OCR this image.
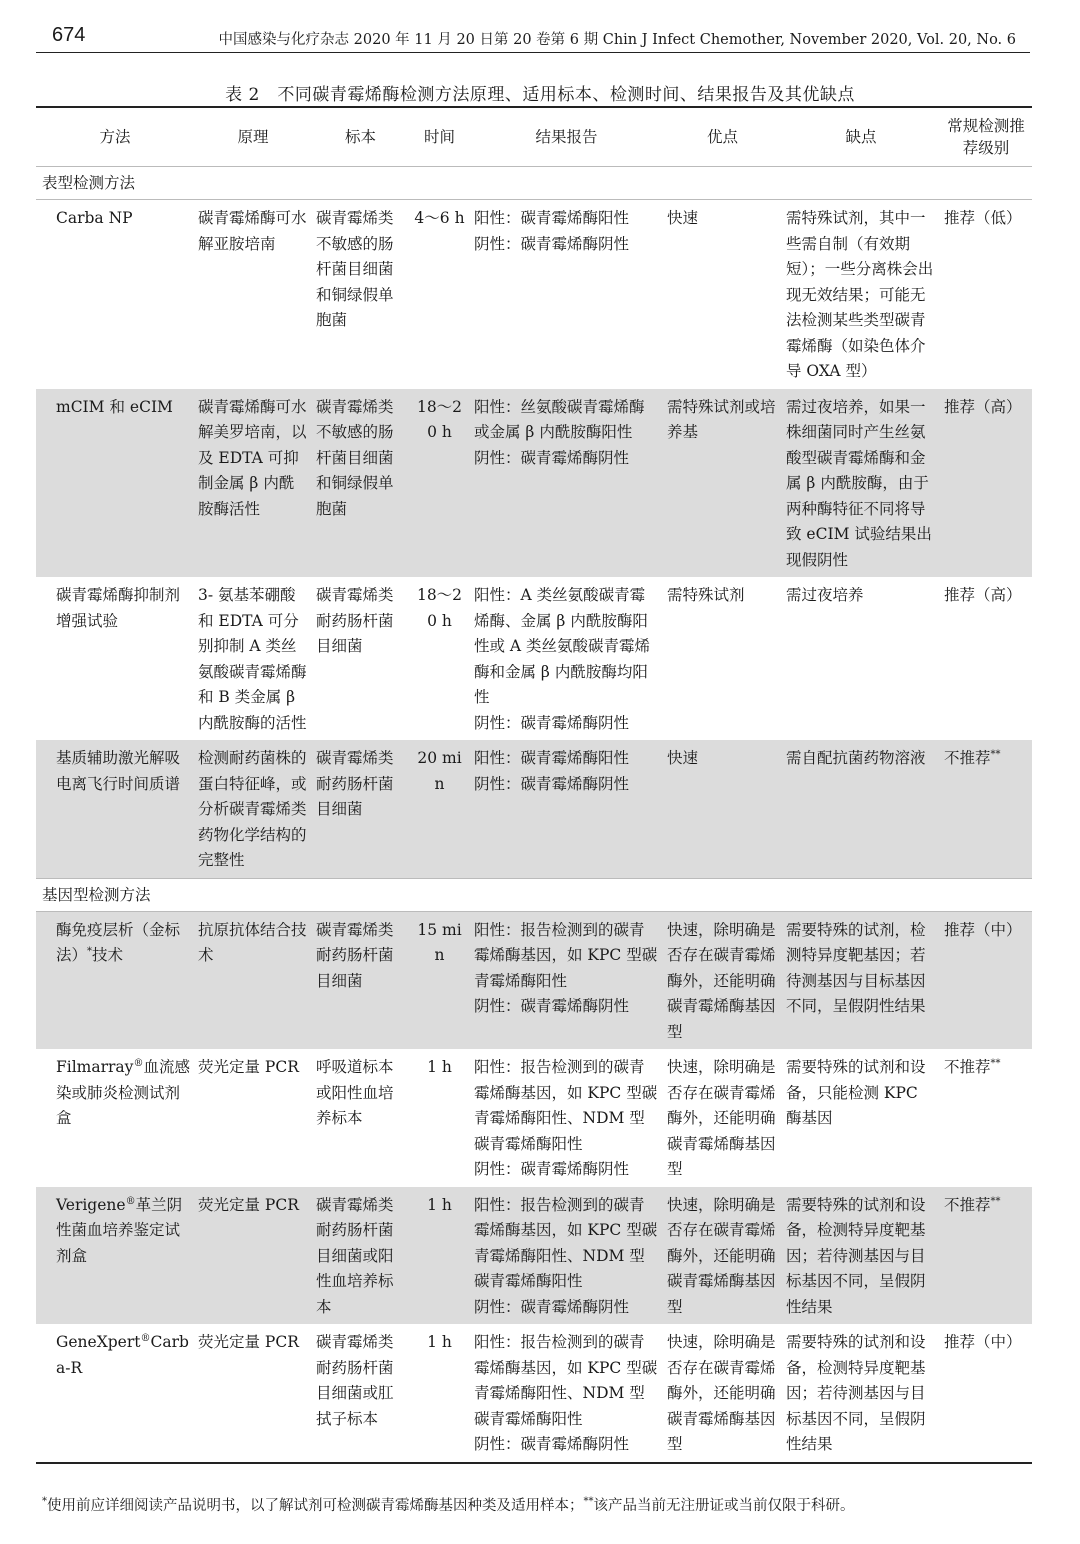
674	中国感染与化疗杂志 2020 年 11 月 20 日第 20 卷第 6 期 Chin J Infect Chemother, November 2020, Vol. 20, No. 6
表 2　不同碳青霉烯酶检测方法原理、适用标本、检测时间、结果报告及其优缺点
方法	原理	标本	时间	结果报告	优点	缺点	常规检测推荐级别
表型检测方法							
Carba NP	碳青霉烯酶可水解亚胺培南	碳青霉烯类不敏感的肠杆菌目细菌和铜绿假单胞菌	4～6 h	阳性：碳青霉烯酶阳性
阴性：碳青霉烯酶阴性	快速	需特殊试剂，其中一些需自制（有效期短）；一些分离株会出现无效结果；可能无法检测某些类型碳青霉烯酶（如染色体介导 OXA 型）	推荐（低）
mCIM 和 eCIM	碳青霉烯酶可水解美罗培南，以及 EDTA 可抑制金属 β 内酰胺酶活性	碳青霉烯类不敏感的肠杆菌目细菌和铜绿假单胞菌	18～20 h	阳性：丝氨酸碳青霉烯酶或金属 β 内酰胺酶阳性
阴性：碳青霉烯酶阴性	需特殊试剂或培养基	需过夜培养，如果一株细菌同时产生丝氨酸型碳青霉烯酶和金属 β 内酰胺酶，由于两种酶特征不同将导致 eCIM 试验结果出现假阴性	推荐（高）
碳青霉烯酶抑制剂增强试验	3- 氨基苯硼酸和 EDTA 可分别抑制 A 类丝氨酸碳青霉烯酶和 B 类金属 β 内酰胺酶的活性	碳青霉烯类耐药肠杆菌目细菌	18～20 h	阳性：A 类丝氨酸碳青霉烯酶、金属 β 内酰胺酶阳性或 A 类丝氨酸碳青霉烯酶和金属 β 内酰胺酶均阳性
阴性：碳青霉烯酶阴性	需特殊试剂	需过夜培养	推荐（高）
基质辅助激光解吸电离飞行时间质谱	检测耐药菌株的蛋白特征峰，或分析碳青霉烯类药物化学结构的完整性	碳青霉烯类耐药肠杆菌目细菌	20 min	阳性：碳青霉烯酶阳性
阴性：碳青霉烯酶阴性	快速	需自配抗菌药物溶液	不推荐**
基因型检测方法							
酶免疫层析（金标法）*技术	抗原抗体结合技术	碳青霉烯类耐药肠杆菌目细菌	15 min	阳性：报告检测到的碳青霉烯酶基因，如 KPC 型碳青霉烯酶阳性
阴性：碳青霉烯酶阴性	快速，除明确是否存在碳青霉烯酶外，还能明确碳青霉烯酶基因型	需要特殊的试剂，检测特异度靶基因；若待测基因与目标基因不同，呈假阴性结果	推荐（中）
Filmarray®血流感染或肺炎检测试剂盒	荧光定量 PCR	呼吸道标本或阳性血培养标本	1 h	阳性：报告检测到的碳青霉烯酶基因，如 KPC 型碳青霉烯酶阳性、NDM 型碳青霉烯酶阳性
阴性：碳青霉烯酶阴性	快速，除明确是否存在碳青霉烯酶外，还能明确碳青霉烯酶基因型	需要特殊的试剂和设备，只能检测 KPC 酶基因	不推荐**
Verigene®革兰阴性菌血培养鉴定试剂盒	荧光定量 PCR	碳青霉烯类耐药肠杆菌目细菌或阳性血培养标本	1 h	阳性：报告检测到的碳青霉烯酶基因，如 KPC 型碳青霉烯酶阳性、NDM 型碳青霉烯酶阳性
阴性：碳青霉烯酶阴性	快速，除明确是否存在碳青霉烯酶外，还能明确碳青霉烯酶基因型	需要特殊的试剂和设备，检测特异度靶基因；若待测基因与目标基因不同，呈假阴性结果	不推荐**
GeneXpert®Carba-R	荧光定量 PCR	碳青霉烯类耐药肠杆菌目细菌或肛拭子标本	1 h	阳性：报告检测到的碳青霉烯酶基因，如 KPC 型碳青霉烯酶阳性、NDM 型碳青霉烯酶阳性
阴性：碳青霉烯酶阴性	快速，除明确是否存在碳青霉烯酶外，还能明确碳青霉烯酶基因型	需要特殊的试剂和设备，检测特异度靶基因；若待测基因与目标基因不同，呈假阴性结果	推荐（中）
*使用前应详细阅读产品说明书，以了解试剂可检测碳青霉烯酶基因种类及适用样本；**该产品当前无注册证或当前仅限于科研。
